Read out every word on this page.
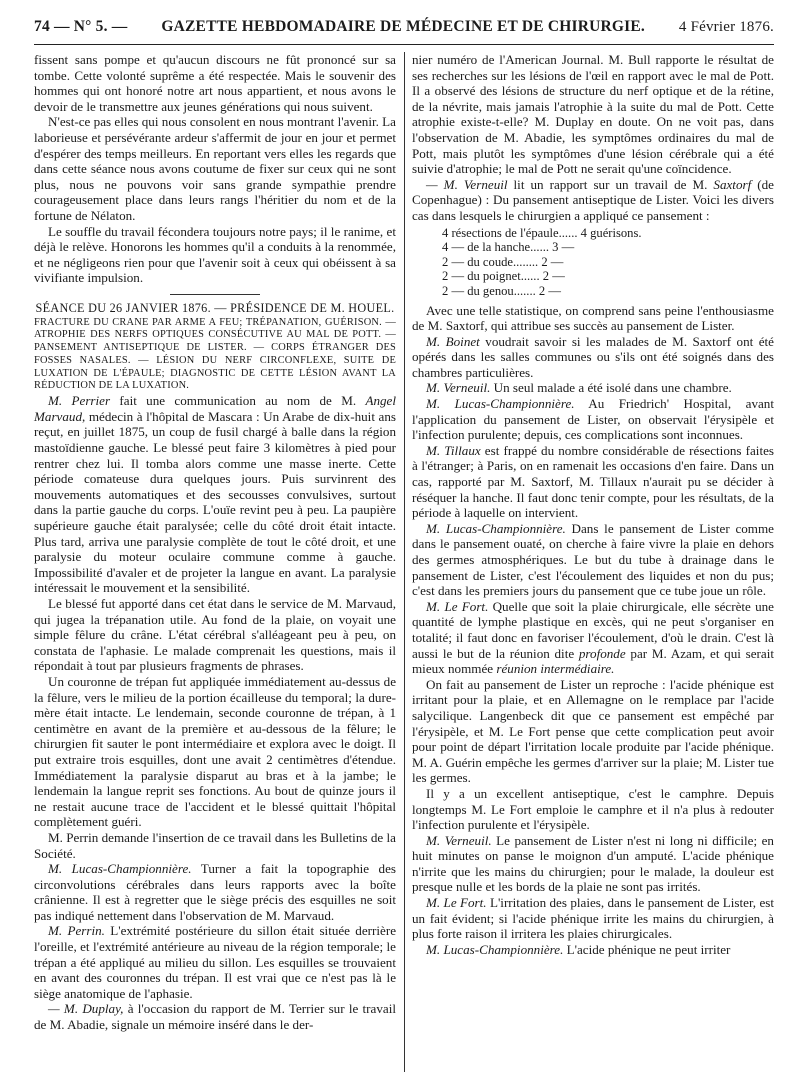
74 — N° 5. — GAZETTE HEBDOMADAIRE DE MÉDECINE ET DE CHIRURGIE. 4 Février 1876.

fissent sans pompe et qu'aucun discours ne fût prononcé sur sa tombe. Cette volonté suprême a été respectée. Mais le souvenir des hommes qui ont honoré notre art nous appartient, et nous avons le devoir de le transmettre aux jeunes générations qui nous suivent.

N'est-ce pas elles qui nous consolent en nous montrant l'avenir. La laborieuse et persévérante ardeur s'affermit de jour en jour et permet d'espérer des temps meilleurs. En reportant vers elles les regards que dans cette séance nous avons coutume de fixer sur ceux qui ne sont plus, nous ne pouvons voir sans grande sympathie prendre courageusement place dans leurs rangs l'héritier du nom et de la fortune de Nélaton.

Le souffle du travail fécondera toujours notre pays; il le ranime, et déjà le relève. Honorons les hommes qu'il a conduits à la renommée, et ne négligeons rien pour que l'avenir soit à ceux qui obéissent à sa vivifiante impulsion.

SÉANCE DU 26 JANVIER 1876. — PRÉSIDENCE DE M. HOUEL.

FRACTURE DU CRANE PAR ARME A FEU; TRÉPANATION, GUÉRISON. — ATROPHIE DES NERFS OPTIQUES CONSÉCUTIVE AU MAL DE POTT. — PANSEMENT ANTISEPTIQUE DE LISTER. — CORPS ÉTRANGER DES FOSSES NASALES. — LÉSION DU NERF CIRCONFLEXE, SUITE DE LUXATION DE L'ÉPAULE; DIAGNOSTIC DE CETTE LÉSION AVANT LA RÉDUCTION DE LA LUXATION.

M. Perrier fait une communication au nom de M. Angel Marvaud, médecin à l'hôpital de Mascara : Un Arabe de dix-huit ans reçut, en juillet 1875, un coup de fusil chargé à balle dans la région mastoïdienne gauche. Le blessé peut faire 3 kilomètres à pied pour rentrer chez lui. Il tomba alors comme une masse inerte. Cette période comateuse dura quelques jours. Puis survinrent des mouvements automatiques et des secousses convulsives, surtout dans la partie gauche du corps. L'ouïe revint peu à peu. La paupière supérieure gauche était paralysée; celle du côté droit était intacte. Plus tard, arriva une paralysie complète de tout le côté droit, et une paralysie du moteur oculaire commune comme à gauche. Impossibilité d'avaler et de projeter la langue en avant. La paralysie intéressait le mouvement et la sensibilité.

Le blessé fut apporté dans cet état dans le service de M. Marvaud, qui jugea la trépanation utile. Au fond de la plaie, on voyait une simple fêlure du crâne. L'état cérébral s'alléageant peu à peu, on constata de l'aphasie. Le malade comprenait les questions, mais il répondait à tout par plusieurs fragments de phrases.

Un couronne de trépan fut appliquée immédiatement au-dessus de la fêlure, vers le milieu de la portion écailleuse du temporal; la dure-mère était intacte. Le lendemain, seconde couronne de trépan, à 1 centimètre en avant de la première et au-dessous de la fêlure; le chirurgien fit sauter le pont intermédiaire et explora avec le doigt. Il put extraire trois esquilles, dont une avait 2 centimètres d'étendue. Immédiatement la paralysie disparut au bras et à la jambe; le lendemain la langue reprit ses fonctions. Au bout de quinze jours il ne restait aucune trace de l'accident et le blessé quittait l'hôpital complètement guéri.

M. Perrin demande l'insertion de ce travail dans les Bulletins de la Société.

M. Lucas-Championnière. Turner a fait la topographie des circonvolutions cérébrales dans leurs rapports avec la boîte crânienne. Il est à regretter que le siège précis des esquilles ne soit pas indiqué nettement dans l'observation de M. Marvaud.

M. Perrin. L'extrémité postérieure du sillon était située derrière l'oreille, et l'extrémité antérieure au niveau de la région temporale; le trépan a été appliqué au milieu du sillon. Les esquilles se trouvaient en avant des couronnes du trépan. Il est vrai que ce n'est pas là le siège anatomique de l'aphasie.

— M. Duplay, à l'occasion du rapport de M. Terrier sur le travail de M. Abadie, signale un mémoire inséré dans le der-

nier numéro de l'American Journal. M. Bull rapporte le résultat de ses recherches sur les lésions de l'œil en rapport avec le mal de Pott. Il a observé des lésions de structure du nerf optique et de la rétine, de la névrite, mais jamais l'atrophie à la suite du mal de Pott. Cette atrophie existe-t-elle? M. Duplay en doute. On ne voit pas, dans l'observation de M. Abadie, les symptômes ordinaires du mal de Pott, mais plutôt les symptômes d'une lésion cérébrale qui a été suivie d'atrophie; le mal de Pott ne serait qu'une coïncidence.

— M. Verneuil lit un rapport sur un travail de M. Saxtorf (de Copenhague) : Du pansement antiseptique de Lister. Voici les divers cas dans lesquels le chirurgien a appliqué ce pansement :

4 résections de l'épaule...... 4 guérisons.
4 — de la hanche...... 3 —
2 — du coude........ 2 —
2 — du poignet...... 2 —
2 — du genou....... 2 —

Avec une telle statistique, on comprend sans peine l'enthousiasme de M. Saxtorf, qui attribue ses succès au pansement de Lister.

M. Boinet voudrait savoir si les malades de M. Saxtorf ont été opérés dans les salles communes ou s'ils ont été soignés dans des chambres particulières.

M. Verneuil. Un seul malade a été isolé dans une chambre.

M. Lucas-Championnière. Au Friedrich' Hospital, avant l'application du pansement de Lister, on observait l'érysipèle et l'infection purulente; depuis, ces complications sont inconnues.

M. Tillaux est frappé du nombre considérable de résections faites à l'étranger; à Paris, on en ramenait les occasions d'en faire. Dans un cas, rapporté par M. Saxtorf, M. Tillaux n'aurait pu se décider à réséquer la hanche. Il faut donc tenir compte, pour les résultats, de la période à laquelle on intervient.

M. Lucas-Championnière. Dans le pansement de Lister comme dans le pansement ouaté, on cherche à faire vivre la plaie en dehors des germes atmosphériques. Le but du tube à drainage dans le pansement de Lister, c'est l'écoulement des liquides et non du pus; c'est dans les premiers jours du pansement que ce tube joue un rôle.

M. Le Fort. Quelle que soit la plaie chirurgicale, elle sécrète une quantité de lymphe plastique en excès, qui ne peut s'organiser en totalité; il faut donc en favoriser l'écoulement, d'où le drain. C'est là aussi le but de la réunion dite profonde par M. Azam, et qui serait mieux nommée réunion intermédiaire.

On fait au pansement de Lister un reproche : l'acide phénique est irritant pour la plaie, et en Allemagne on le remplace par l'acide salycilique. Langenbeck dit que ce pansement est empêché par l'érysipèle, et M. Le Fort pense que cette complication peut avoir pour point de départ l'irritation locale produite par l'acide phénique. M. A. Guérin empêche les germes d'arriver sur la plaie; M. Lister tue les germes.

Il y a un excellent antiseptique, c'est le camphre. Depuis longtemps M. Le Fort emploie le camphre et il n'a plus à redouter l'infection purulente et l'érysipèle.

M. Verneuil. Le pansement de Lister n'est ni long ni difficile; en huit minutes on panse le moignon d'un amputé. L'acide phénique n'irrite que les mains du chirurgien; pour le malade, la douleur est presque nulle et les bords de la plaie ne sont pas irrités.

M. Le Fort. L'irritation des plaies, dans le pansement de Lister, est un fait évident; si l'acide phénique irrite les mains du chirurgien, à plus forte raison il irritera les plaies chirurgicales.

M. Lucas-Championnière. L'acide phénique ne peut irriter
